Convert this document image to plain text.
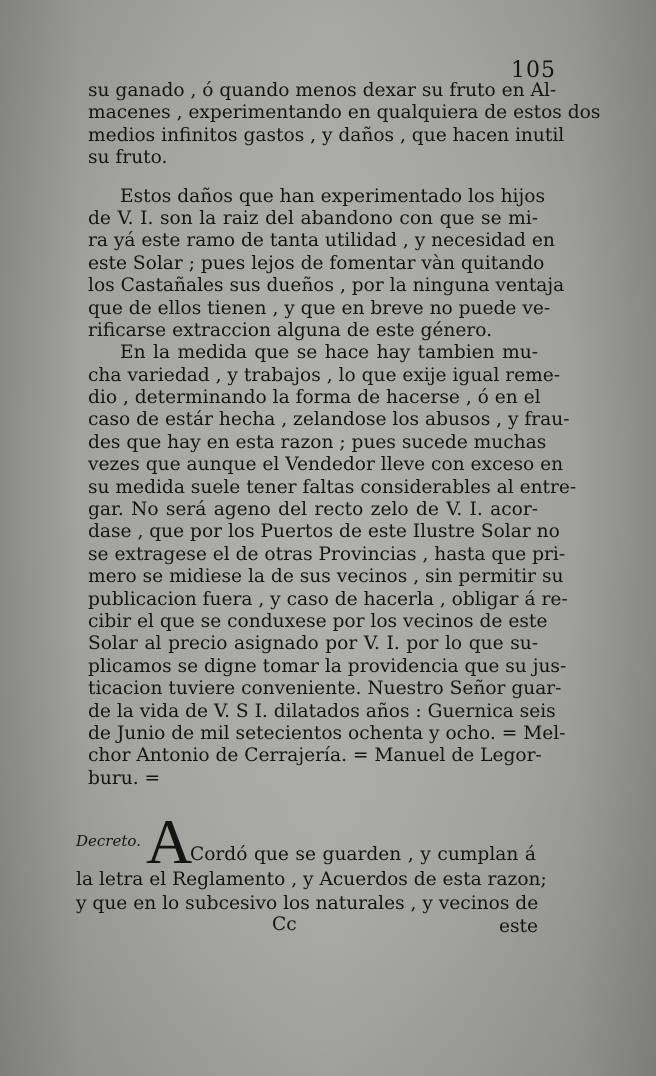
105
su ganado , ó quando menos dexar su fruto en Al-
macenes , experimentando en qualquiera de estos dos
medios infinitos gastos , y daños , que hacen inutil
su fruto.
Estos daños que han experimentado los hijos
de V. I. son la raiz del abandono con que se mi-
ra yá este ramo de tanta utilidad , y necesidad en
este Solar ; pues lejos de fomentar vàn quitando
los Castañales sus dueños , por la ninguna ventaja
que de ellos tienen , y que en breve no puede ve-
rificarse extraccion alguna de este género.
En la medida que se hace hay tambien mu-
cha variedad , y trabajos , lo que exije igual reme-
dio , determinando la forma de hacerse , ó en el
caso de estár hecha , zelandose los abusos , y frau-
des que hay en esta razon ; pues sucede muchas
vezes que aunque el Vendedor lleve con exceso en
su medida suele tener faltas considerables al entre-
gar. No será ageno del recto zelo de V. I. acor-
dase , que por los Puertos de este Ilustre Solar no
se extragese el de otras Provincias , hasta que pri-
mero se midiese la de sus vecinos , sin permitir su
publicacion fuera , y caso de hacerla , obligar á re-
cibir el que se conduxese por los vecinos de este
Solar al precio asignado por V. I. por lo que su-
plicamos se digne tomar la providencia que su jus-
ticacion tuviere conveniente. Nuestro Señor guar-
de la vida de V. S I. dilatados años : Guernica seis
de Junio de mil setecientos ochenta y ocho. = Mel-
chor Antonio de Cerrajería. = Manuel de Legor-
buru. =
Decreto. A
Cordó que se guarden , y cumplan á
la letra el Reglamento , y Acuerdos de esta razon;
y que en lo subcesivo los naturales , y vecinos de
Cc	este
